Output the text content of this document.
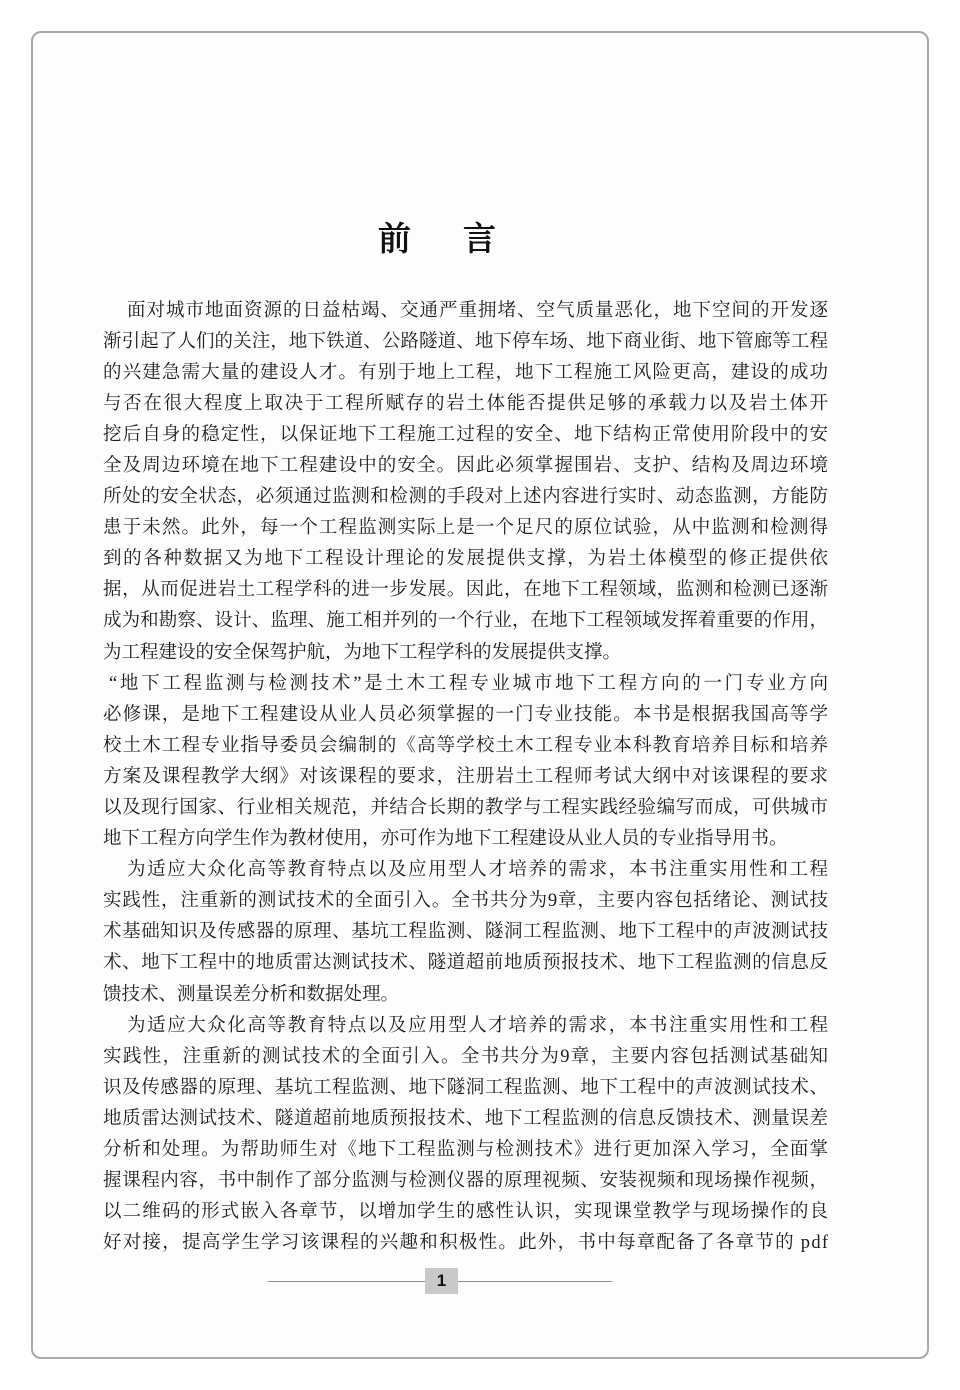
前言
面对城市地面资源的日益枯竭、交通严重拥堵、空气质量恶化，地下空间的开发逐
渐引起了人们的关注，地下铁道、公路隧道、地下停车场、地下商业街、地下管廊等工程
的兴建急需大量的建设人才。有别于地上工程，地下工程施工风险更高，建设的成功
与否在很大程度上取决于工程所赋存的岩土体能否提供足够的承载力以及岩土体开
挖后自身的稳定性，以保证地下工程施工过程的安全、地下结构正常使用阶段中的安
全及周边环境在地下工程建设中的安全。因此必须掌握围岩、支护、结构及周边环境
所处的安全状态，必须通过监测和检测的手段对上述内容进行实时、动态监测，方能防
患于未然。此外，每一个工程监测实际上是一个足尺的原位试验，从中监测和检测得
到的各种数据又为地下工程设计理论的发展提供支撑，为岩土体模型的修正提供依
据，从而促进岩土工程学科的进一步发展。因此，在地下工程领域，监测和检测已逐渐
成为和勘察、设计、监理、施工相并列的一个行业，在地下工程领域发挥着重要的作用，
为工程建设的安全保驾护航，为地下工程学科的发展提供支撑。
“地下工程监测与检测技术”是土木工程专业城市地下工程方向的一门专业方向
必修课，是地下工程建设从业人员必须掌握的一门专业技能。本书是根据我国高等学
校土木工程专业指导委员会编制的《高等学校土木工程专业本科教育培养目标和培养
方案及课程教学大纲》对该课程的要求，注册岩土工程师考试大纲中对该课程的要求
以及现行国家、行业相关规范，并结合长期的教学与工程实践经验编写而成，可供城市
地下工程方向学生作为教材使用，亦可作为地下工程建设从业人员的专业指导用书。
为适应大众化高等教育特点以及应用型人才培养的需求，本书注重实用性和工程
实践性，注重新的测试技术的全面引入。全书共分为9章，主要内容包括绪论、测试技
术基础知识及传感器的原理、基坑工程监测、隧洞工程监测、地下工程中的声波测试技
术、地下工程中的地质雷达测试技术、隧道超前地质预报技术、地下工程监测的信息反
馈技术、测量误差分析和数据处理。
为适应大众化高等教育特点以及应用型人才培养的需求，本书注重实用性和工程
实践性，注重新的测试技术的全面引入。全书共分为9章，主要内容包括测试基础知
识及传感器的原理、基坑工程监测、地下隧洞工程监测、地下工程中的声波测试技术、
地质雷达测试技术、隧道超前地质预报技术、地下工程监测的信息反馈技术、测量误差
分析和处理。为帮助师生对《地下工程监测与检测技术》进行更加深入学习，全面掌
握课程内容，书中制作了部分监测与检测仪器的原理视频、安装视频和现场操作视频，
以二维码的形式嵌入各章节，以增加学生的感性认识，实现课堂教学与现场操作的良
好对接，提高学生学习该课程的兴趣和积极性。此外，书中每章配备了各章节的 pdf
1
